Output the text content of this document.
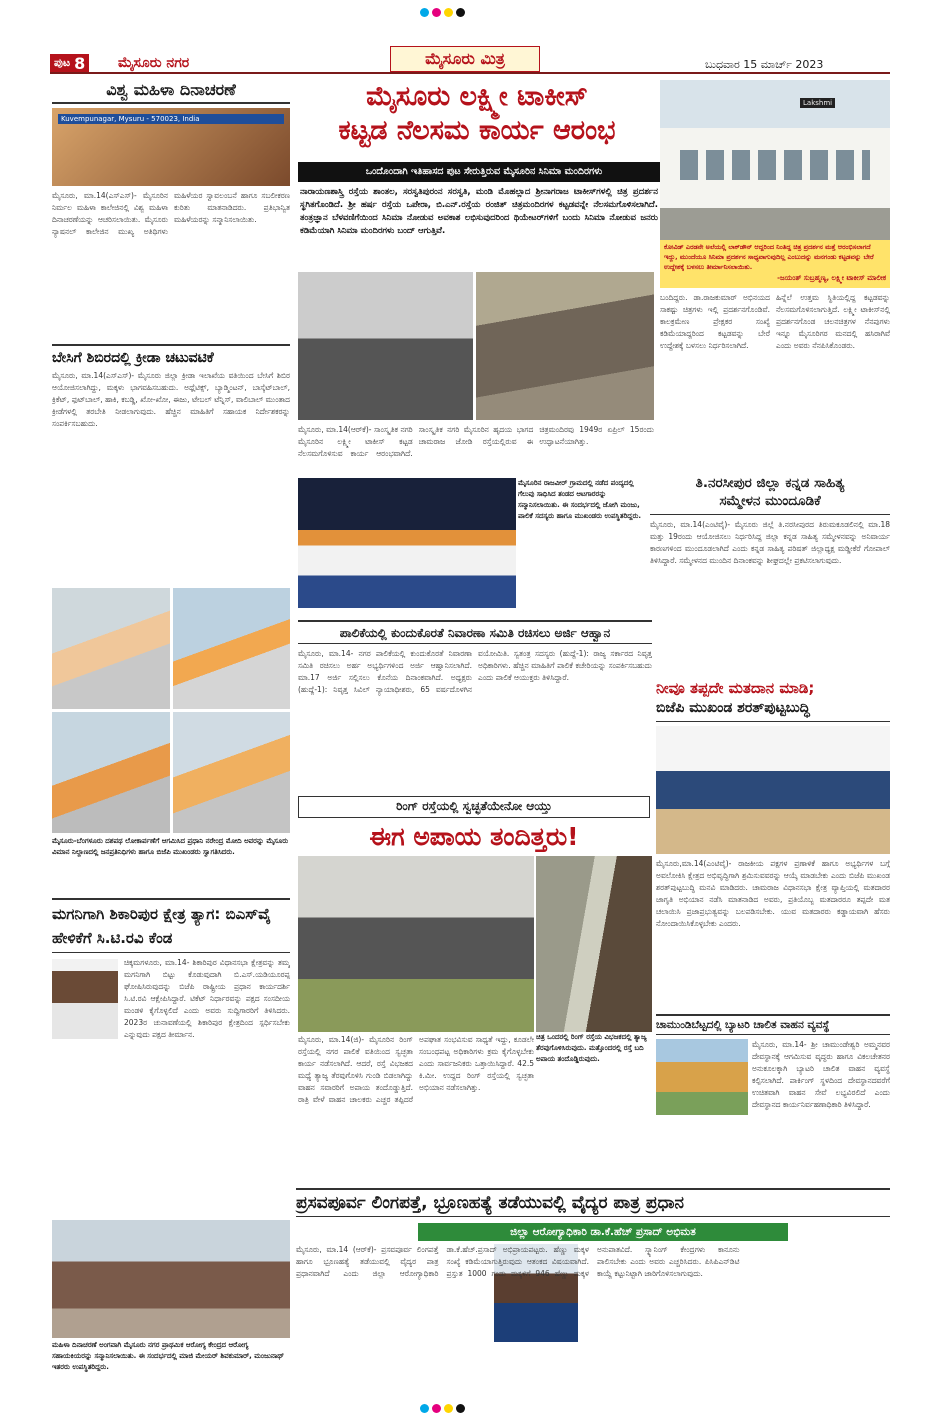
ಪುಟ 8 ಮೈಸೂರು ನಗರ	ಮೈಸೂರು ಮಿತ್ರ	ಬುಧವಾರ 15 ಮಾರ್ಚ್ 2023
ವಿಶ್ವ ಮಹಿಳಾ ದಿನಾಚರಣೆ
Kuvempunagar, Mysuru - 570023, India
ಮೈಸೂರು, ಮಾ.14(ಎಸ್‌ಎಸ್‌)- ಮೈಸೂರಿನ ನಿರ್ಮಲ ಮಹಿಳಾ ಕಾಲೇಜಿನಲ್ಲಿ ವಿಶ್ವ ಮಹಿಳಾ ದಿನಾಚರಣೆಯನ್ನು ಆಚರಿಸಲಾಯಿತು. ಮೈಸೂರು ನ್ಯಾಷನಲ್ ಕಾಲೇಜಿನ ಮುಖ್ಯ ಅತಿಥಿಗಳು ಮಹಿಳೆಯರ ಸ್ವಾವಲಂಬನೆ ಹಾಗೂ ಸಬಲೀಕರಣ ಕುರಿತು ಮಾತನಾಡಿದರು. ಪ್ರತಿಭಾನ್ವಿತ ಮಹಿಳೆಯರನ್ನು ಸನ್ಮಾನಿಸಲಾಯಿತು.
ಬೇಸಿಗೆ ಶಿಬಿರದಲ್ಲಿ ಕ್ರೀಡಾ ಚಟುವಟಿಕೆ
ಮೈಸೂರು, ಮಾ.14(ಎಸ್‌ಎಸ್‌)- ಮೈಸೂರು ಜಿಲ್ಲಾ ಕ್ರೀಡಾ ಇಲಾಖೆಯ ವತಿಯಿಂದ ಬೇಸಿಗೆ ಶಿಬಿರ ಆಯೋಜಿಸಲಾಗಿದ್ದು, ಮಕ್ಕಳು ಭಾಗವಹಿಸಬಹುದು. ಅಥ್ಲೆಟಿಕ್ಸ್, ಬ್ಯಾಡ್ಮಿಂಟನ್, ಬಾಸ್ಕೆಟ್‌ಬಾಲ್, ಕ್ರಿಕೆಟ್, ಫುಟ್‌ಬಾಲ್, ಹಾಕಿ, ಕಬಡ್ಡಿ, ಖೋ-ಖೋ, ಈಜು, ಟೇಬಲ್ ಟೆನ್ನಿಸ್, ವಾಲಿಬಾಲ್ ಮುಂತಾದ ಕ್ರೀಡೆಗಳಲ್ಲಿ ತರಬೇತಿ ನೀಡಲಾಗುವುದು. ಹೆಚ್ಚಿನ ಮಾಹಿತಿಗೆ ಸಹಾಯಕ ನಿರ್ದೇಶಕರನ್ನು ಸಂಪರ್ಕಿಸಬಹುದು.
ಮೈಸೂರು-ಬೆಂಗಳೂರು ದಶಪಥ ಲೋಕಾರ್ಪಣೆಗೆ ಆಗಮಿಸಿದ ಪ್ರಧಾನಿ ನರೇಂದ್ರ ಮೋದಿ ಅವರನ್ನು ಮೈಸೂರು ವಿಮಾನ ನಿಲ್ದಾಣದಲ್ಲಿ ಜನಪ್ರತಿನಿಧಿಗಳು ಹಾಗೂ ಬಿಜೆಪಿ ಮುಖಂಡರು ಸ್ವಾಗತಿಸಿದರು.
ಮಗನಿಗಾಗಿ ಶಿಕಾರಿಪುರ ಕ್ಷೇತ್ರ ತ್ಯಾಗ: ಬಿಎಸ್‌ವೈ ಹೇಳಿಕೆಗೆ ಸಿ.ಟಿ.ರವಿ ಕೆಂಡ
ಚಿಕ್ಕಮಗಳೂರು, ಮಾ.14- ಶಿಕಾರಿಪುರ ವಿಧಾನಸಭಾ ಕ್ಷೇತ್ರವನ್ನು ತಮ್ಮ ಮಗನಿಗಾಗಿ ಬಿಟ್ಟು ಕೊಡುವುದಾಗಿ ಬಿ.ಎಸ್.ಯಡಿಯೂರಪ್ಪ ಘೋಷಿಸಿರುವುದನ್ನು ಬಿಜೆಪಿ ರಾಷ್ಟ್ರೀಯ ಪ್ರಧಾನ ಕಾರ್ಯದರ್ಶಿ ಸಿ.ಟಿ.ರವಿ ಆಕ್ಷೇಪಿಸಿದ್ದಾರೆ. ಟಿಕೆಟ್ ನಿರ್ಧಾರವನ್ನು ಪಕ್ಷದ ಸಂಸದೀಯ ಮಂಡಳಿ ಕೈಗೊಳ್ಳಲಿದೆ ಎಂದು ಅವರು ಸುದ್ದಿಗಾರರಿಗೆ ತಿಳಿಸಿದರು. 2023ರ ಚುನಾವಣೆಯಲ್ಲಿ ಶಿಕಾರಿಪುರ ಕ್ಷೇತ್ರದಿಂದ ಸ್ಪರ್ಧಿಸಬೇಕು ಎನ್ನುವುದು ಪಕ್ಷದ ತೀರ್ಮಾನ.
ಮಹಿಳಾ ದಿನಾಚರಣೆ ಅಂಗವಾಗಿ ಮೈಸೂರು ನಗರ ಪ್ರಾಥಮಿಕ ಆರೋಗ್ಯ ಕೇಂದ್ರದ ಆರೋಗ್ಯ ಸಹಾಯಕಿಯರನ್ನು ಸನ್ಮಾನಿಸಲಾಯಿತು. ಈ ಸಂದರ್ಭದಲ್ಲಿ ಮಾಜಿ ಮೇಯರ್ ಶಿವಕುಮಾರ್, ಮಂಜುನಾಥ್ ಇತರರು ಉಪಸ್ಥಿತರಿದ್ದರು.
ಮೈಸೂರು ಲಕ್ಷ್ಮೀ ಟಾಕೀಸ್
ಕಟ್ಟಡ ನೆಲಸಮ ಕಾರ್ಯ ಆರಂಭ
ಒಂದೊಂದಾಗಿ ಇತಿಹಾಸದ ಪುಟ ಸೇರುತ್ತಿರುವ ಮೈಸೂರಿನ ಸಿನಿಮಾ ಮಂದಿರಗಳು
ನಾರಾಯಣಶಾಸ್ತ್ರಿ ರಸ್ತೆಯ ಶಾಂತಲ, ಸರಸ್ವತಿಪುರಂನ ಸರಸ್ವತಿ, ಮಂಡಿ ಮೊಹಲ್ಲಾದ ಶ್ರೀನಾಗರಾಜ ಟಾಕೀಸ್‌ಗಳಲ್ಲಿ ಚಿತ್ರ ಪ್ರದರ್ಶನ ಸ್ಥಗಿತಗೊಂಡಿದೆ. ಶ್ರೀ ಹರ್ಷ ರಸ್ತೆಯ ಒಪೇರಾ, ಬಿ.ಎನ್.ರಸ್ತೆಯ ರಂಜಿತ್ ಚಿತ್ರಮಂದಿರಗಳ ಕಟ್ಟಡವನ್ನೇ ನೆಲಸಮಗೊಳಿಸಲಾಗಿದೆ. ತಂತ್ರಜ್ಞಾನ ಬೆಳವಣಿಗೆಯಿಂದ ಸಿನಿಮಾ ನೋಡುವ ಅವಕಾಶ ಲಭಿಸುವುದರಿಂದ ಥಿಯೇಟರ್‌ಗಳಿಗೆ ಬಂದು ಸಿನಿಮಾ ನೋಡುವ ಜನರು ಕಡಿಮೆಯಾಗಿ ಸಿನಿಮಾ ಮಂದಿರಗಳು ಬಂದ್ ಆಗುತ್ತಿವೆ.
Lakshmi
ಕೋವಿಡ್ ಎರಡನೇ ಅಲೆಯಲ್ಲಿ ಲಾಕ್‌ಡೌನ್ ಆದ್ದರಿಂದ ನಿಂತಿದ್ದ ಚಿತ್ರ ಪ್ರದರ್ಶನ ಮತ್ತೆ ಆರಂಭಿಸಲಾಗದೆ ಇದ್ದು, ಮುಂದೆಯೂ ಸಿನಿಮಾ ಪ್ರದರ್ಶನ ಸಾಧ್ಯವಾಗುವುದಿಲ್ಲ ಎಂಬುದನ್ನು ಮನಗಂಡು ಕಟ್ಟಡವನ್ನು ಬೇರೆ ಉದ್ದೇಶಕ್ಕೆ ಬಳಸಲು ತೀರ್ಮಾನಿಸಲಾಯಿತು.
-ಜಯಂತ್ ಸುಬ್ರಹ್ಮಣ್ಯ, ಲಕ್ಷ್ಮೀ ಟಾಕೀಸ್ ಮಾಲೀಕ
ಮೈಸೂರು, ಮಾ.14(ಆರ್‌ಕೆ)- ಸಾಂಸ್ಕೃತಿಕ ನಗರಿ ಮೈಸೂರಿನ ಲಕ್ಷ್ಮೀ ಟಾಕೀಸ್ ಕಟ್ಟಡ ನೆಲಸಮಗೊಳಿಸುವ ಕಾರ್ಯ ಆರಂಭವಾಗಿದೆ. ಸಾಂಸ್ಕೃತಿಕ ನಗರಿ ಮೈಸೂರಿನ ಹೃದಯ ಭಾಗದ ಚಾಮರಾಜ ಜೋಡಿ ರಸ್ತೆಯಲ್ಲಿರುವ ಈ ಚಿತ್ರಮಂದಿರವು 1949ರ ಏಪ್ರಿಲ್ 15ರಂದು ಉದ್ಘಾಟನೆಯಾಗಿತ್ತು.
ಬಂದಿದ್ದರು. ಡಾ.ರಾಜಕುಮಾರ್ ಅಭಿನಯದ ಸಾಕಷ್ಟು ಚಿತ್ರಗಳು ಇಲ್ಲಿ ಪ್ರದರ್ಶನಗೊಂಡಿವೆ. ಕಾಲಕ್ರಮೇಣ ಪ್ರೇಕ್ಷಕರ ಸಂಖ್ಯೆ ಕಡಿಮೆಯಾದ್ದರಿಂದ ಕಟ್ಟಡವನ್ನು ಬೇರೆ ಉದ್ದೇಶಕ್ಕೆ ಬಳಸಲು ನಿರ್ಧರಿಸಲಾಗಿದೆ.
ಹಿನ್ನೆಲೆ ಉತ್ತಮ ಸ್ಥಿತಿಯಲ್ಲಿದ್ದ ಕಟ್ಟಡವನ್ನು ನೆಲಸಮಗೊಳಿಸಲಾಗುತ್ತಿದೆ. ಲಕ್ಷ್ಮೀ ಟಾಕೀಸ್‌ನಲ್ಲಿ ಪ್ರದರ್ಶನಗೊಂಡ ಚಲನಚಿತ್ರಗಳ ನೆನಪುಗಳು ಇನ್ನೂ ಮೈಸೂರಿಗರ ಮನದಲ್ಲಿ ಹಸಿರಾಗಿವೆ ಎಂದು ಅವರು ನೆನಪಿಸಿಕೊಂಡರು.
ಮೈಸೂರಿನ ರಾಜವೀರ್ ಗ್ರಾಮದಲ್ಲಿ ನಡೆದ ಪಂದ್ಯದಲ್ಲಿ ಗೆಲುವು ಸಾಧಿಸಿದ ತಂಡದ ಆಟಗಾರರನ್ನು ಸನ್ಮಾನಿಸಲಾಯಿತು. ಈ ಸಂದರ್ಭದಲ್ಲಿ ಜೋಗಿ ಮಂಜು, ಪಾಲಿಕೆ ಸದಸ್ಯರು ಹಾಗೂ ಮುಖಂಡರು ಉಪಸ್ಥಿತರಿದ್ದರು.
ತಿ.ನರಸೀಪುರ ಜಿಲ್ಲಾ ಕನ್ನಡ ಸಾಹಿತ್ಯ
ಸಮ್ಮೇಳನ ಮುಂದೂಡಿಕೆ
ಮೈಸೂರು, ಮಾ.14(ಎಂಟಿವೈ)- ಮೈಸೂರು ಜಿಲ್ಲೆ ತಿ.ನರಸೀಪುರದ ತಿರುಮಕೂಡಲಿನಲ್ಲಿ ಮಾ.18 ಮತ್ತು 19ರಂದು ಆಯೋಜಿಸಲು ನಿರ್ಧರಿಸಿದ್ದ ಜಿಲ್ಲಾ ಕನ್ನಡ ಸಾಹಿತ್ಯ ಸಮ್ಮೇಳನವನ್ನು ಅನಿವಾರ್ಯ ಕಾರಣಗಳಿಂದ ಮುಂದೂಡಲಾಗಿದೆ ಎಂದು ಕನ್ನಡ ಸಾಹಿತ್ಯ ಪರಿಷತ್ ಜಿಲ್ಲಾಧ್ಯಕ್ಷ ಮಡ್ಡೀಕೆರೆ ಗೋಪಾಲ್ ತಿಳಿಸಿದ್ದಾರೆ. ಸಮ್ಮೇಳನದ ಮುಂದಿನ ದಿನಾಂಕವನ್ನು ಶೀಘ್ರದಲ್ಲೇ ಪ್ರಕಟಿಸಲಾಗುವುದು.
ಪಾಲಿಕೆಯಲ್ಲಿ ಕುಂದುಕೊರತೆ ನಿವಾರಣಾ ಸಮಿತಿ ರಚಿಸಲು ಅರ್ಜಿ ಆಹ್ವಾನ
ಮೈಸೂರು, ಮಾ.14- ನಗರ ಪಾಲಿಕೆಯಲ್ಲಿ ಕುಂದುಕೊರತೆ ನಿವಾರಣಾ ಸಮಿತಿ ರಚಿಸಲು ಅರ್ಹ ಅಭ್ಯರ್ಥಿಗಳಿಂದ ಅರ್ಜಿ ಆಹ್ವಾನಿಸಲಾಗಿದೆ. ಮಾ.17 ಅರ್ಜಿ ಸಲ್ಲಿಸಲು ಕೊನೆಯ ದಿನಾಂಕವಾಗಿದೆ. ಅಧ್ಯಕ್ಷರು (ಹುದ್ದೆ-1): ನಿವೃತ್ತ ಸಿವಿಲ್ ನ್ಯಾಯಾಧೀಶರು, 65 ವರ್ಷದೊಳಗಿನ ವಯೋಮಿತಿ. ಸ್ವತಂತ್ರ ಸದಸ್ಯರು (ಹುದ್ದೆ-1): ರಾಜ್ಯ ಸರ್ಕಾರದ ನಿವೃತ್ತ ಅಧಿಕಾರಿಗಳು. ಹೆಚ್ಚಿನ ಮಾಹಿತಿಗೆ ಪಾಲಿಕೆ ಕಚೇರಿಯನ್ನು ಸಂಪರ್ಕಿಸಬಹುದು ಎಂದು ಪಾಲಿಕೆ ಆಯುಕ್ತರು ತಿಳಿಸಿದ್ದಾರೆ.
ನೀವೂ ತಪ್ಪದೇ ಮತದಾನ ಮಾಡಿ;
ಬಿಜೆಪಿ ಮುಖಂಡ ಶರತ್‌ಪುಟ್ಟಬುದ್ಧಿ
ಮೈಸೂರು,ಮಾ.14(ಎಂಟಿವೈ)- ರಾಜಕೀಯ ಪಕ್ಷಗಳ ಪ್ರಣಾಳಿಕೆ ಹಾಗೂ ಅಭ್ಯರ್ಥಿಗಳ ಬಗ್ಗೆ ಅವಲೋಕಿಸಿ ಕ್ಷೇತ್ರದ ಅಭಿವೃದ್ಧಿಗಾಗಿ ಶ್ರಮಿಸುವವರನ್ನು ಆಯ್ಕೆ ಮಾಡಬೇಕು ಎಂದು ಬಿಜೆಪಿ ಮುಖಂಡ ಶರತ್‌ಪುಟ್ಟಬುದ್ಧಿ ಮನವಿ ಮಾಡಿದರು. ಚಾಮರಾಜ ವಿಧಾನಸಭಾ ಕ್ಷೇತ್ರ ವ್ಯಾಪ್ತಿಯಲ್ಲಿ ಮತದಾರರ ಜಾಗೃತಿ ಅಭಿಯಾನ ನಡೆಸಿ ಮಾತನಾಡಿದ ಅವರು, ಪ್ರತಿಯೊಬ್ಬ ಮತದಾರರೂ ತಪ್ಪದೇ ಮತ ಚಲಾಯಿಸಿ ಪ್ರಜಾಪ್ರಭುತ್ವವನ್ನು ಬಲಪಡಿಸಬೇಕು. ಯುವ ಮತದಾರರು ಕಡ್ಡಾಯವಾಗಿ ಹೆಸರು ನೋಂದಾಯಿಸಿಕೊಳ್ಳಬೇಕು ಎಂದರು.
ರಿಂಗ್ ರಸ್ತೆಯಲ್ಲಿ ಸ್ವಚ್ಛತೆಯೇನೋ ಆಯ್ತು
ಈಗ ಅಪಾಯ ತಂದಿತ್ತರು!
ಚಿತ್ರ ಒಂದರಲ್ಲಿ ರಿಂಗ್ ರಸ್ತೆಯ ವಿಭಜಕದಲ್ಲಿ ತ್ಯಾಜ್ಯ ತೆರವುಗೊಳಿಸಿರುವುದು. ಮತ್ತೊಂದರಲ್ಲಿ ರಸ್ತೆ ಬದಿ ಅಪಾಯ ತಂದೊಡ್ಡಿರುವುದು.
ಮೈಸೂರು, ಮಾ.14(ಜಿ)- ಮೈಸೂರಿನ ರಿಂಗ್ ರಸ್ತೆಯಲ್ಲಿ ನಗರ ಪಾಲಿಕೆ ವತಿಯಿಂದ ಸ್ವಚ್ಛತಾ ಕಾರ್ಯ ನಡೆಸಲಾಗಿದೆ. ಆದರೆ, ರಸ್ತೆ ವಿಭಜಕದ ಮಧ್ಯೆ ತ್ಯಾಜ್ಯ ತೆರವುಗೊಳಿಸಿ ಗುಂಡಿ ಬಿಡಲಾಗಿದ್ದು ವಾಹನ ಸವಾರರಿಗೆ ಅಪಾಯ ತಂದೊಡ್ಡುತ್ತಿದೆ. ರಾತ್ರಿ ವೇಳೆ ವಾಹನ ಚಾಲಕರು ಎಚ್ಚರ ತಪ್ಪಿದರೆ ಅಪಘಾತ ಸಂಭವಿಸುವ ಸಾಧ್ಯತೆ ಇದ್ದು, ಕೂಡಲೇ ಸಂಬಂಧಪಟ್ಟ ಅಧಿಕಾರಿಗಳು ಕ್ರಮ ಕೈಗೊಳ್ಳಬೇಕು ಎಂದು ಸಾರ್ವಜನಿಕರು ಒತ್ತಾಯಿಸಿದ್ದಾರೆ. 42.5 ಕಿ.ಮೀ. ಉದ್ದದ ರಿಂಗ್ ರಸ್ತೆಯಲ್ಲಿ ಸ್ವಚ್ಛತಾ ಅಭಿಯಾನ ನಡೆಸಲಾಗಿತ್ತು.
ಚಾಮುಂಡಿಬೆಟ್ಟದಲ್ಲಿ ಬ್ಯಾಟರಿ ಚಾಲಿತ ವಾಹನ ವ್ಯವಸ್ಥೆ
ಮೈಸೂರು, ಮಾ.14- ಶ್ರೀ ಚಾಮುಂಡೇಶ್ವರಿ ಅಮ್ಮನವರ ದೇವಸ್ಥಾನಕ್ಕೆ ಆಗಮಿಸುವ ವೃದ್ಧರು ಹಾಗೂ ವಿಕಲಚೇತನರ ಅನುಕೂಲಕ್ಕಾಗಿ ಬ್ಯಾಟರಿ ಚಾಲಿತ ವಾಹನ ವ್ಯವಸ್ಥೆ ಕಲ್ಪಿಸಲಾಗಿದೆ. ಪಾರ್ಕಿಂಗ್ ಸ್ಥಳದಿಂದ ದೇವಸ್ಥಾನದವರೆಗೆ ಉಚಿತವಾಗಿ ವಾಹನ ಸೇವೆ ಲಭ್ಯವಿರಲಿದೆ ಎಂದು ದೇವಸ್ಥಾನದ ಕಾರ್ಯನಿರ್ವಹಣಾಧಿಕಾರಿ ತಿಳಿಸಿದ್ದಾರೆ.
ಪ್ರಸವಪೂರ್ವ ಲಿಂಗಪತ್ತೆ, ಭ್ರೂಣಹತ್ಯೆ ತಡೆಯುವಲ್ಲಿ ವೈದ್ಯರ ಪಾತ್ರ ಪ್ರಧಾನ
ಜಿಲ್ಲಾ ಆರೋಗ್ಯಾಧಿಕಾರಿ ಡಾ.ಕೆ.ಹೆಚ್ ಪ್ರಸಾದ್ ಅಭಿಮತ
ಮೈಸೂರು, ಮಾ.14 (ಆರ್‌ಕೆ)- ಪ್ರಸವಪೂರ್ವ ಲಿಂಗಪತ್ತೆ ಹಾಗೂ ಭ್ರೂಣಹತ್ಯೆ ತಡೆಯುವಲ್ಲಿ ವೈದ್ಯರ ಪಾತ್ರ ಪ್ರಧಾನವಾಗಿದೆ ಎಂದು ಜಿಲ್ಲಾ ಆರೋಗ್ಯಾಧಿಕಾರಿ ಡಾ.ಕೆ.ಹೆಚ್.ಪ್ರಸಾದ್ ಅಭಿಪ್ರಾಯಪಟ್ಟರು. ಹೆಣ್ಣು ಮಕ್ಕಳ ಸಂಖ್ಯೆ ಕಡಿಮೆಯಾಗುತ್ತಿರುವುದು ಆತಂಕದ ವಿಷಯವಾಗಿದೆ. ಪ್ರಸ್ತುತ 1000 ಗಂಡು ಮಕ್ಕಳಿಗೆ 946 ಹೆಣ್ಣು ಮಕ್ಕಳ ಅನುಪಾತವಿದೆ. ಸ್ಕ್ಯಾನಿಂಗ್ ಕೇಂದ್ರಗಳು ಕಾನೂನು ಪಾಲಿಸಬೇಕು ಎಂದು ಅವರು ಎಚ್ಚರಿಸಿದರು. ಪಿಸಿಪಿಎನ್‌ಡಿಟಿ ಕಾಯ್ದೆ ಕಟ್ಟುನಿಟ್ಟಾಗಿ ಜಾರಿಗೊಳಿಸಲಾಗುವುದು.
